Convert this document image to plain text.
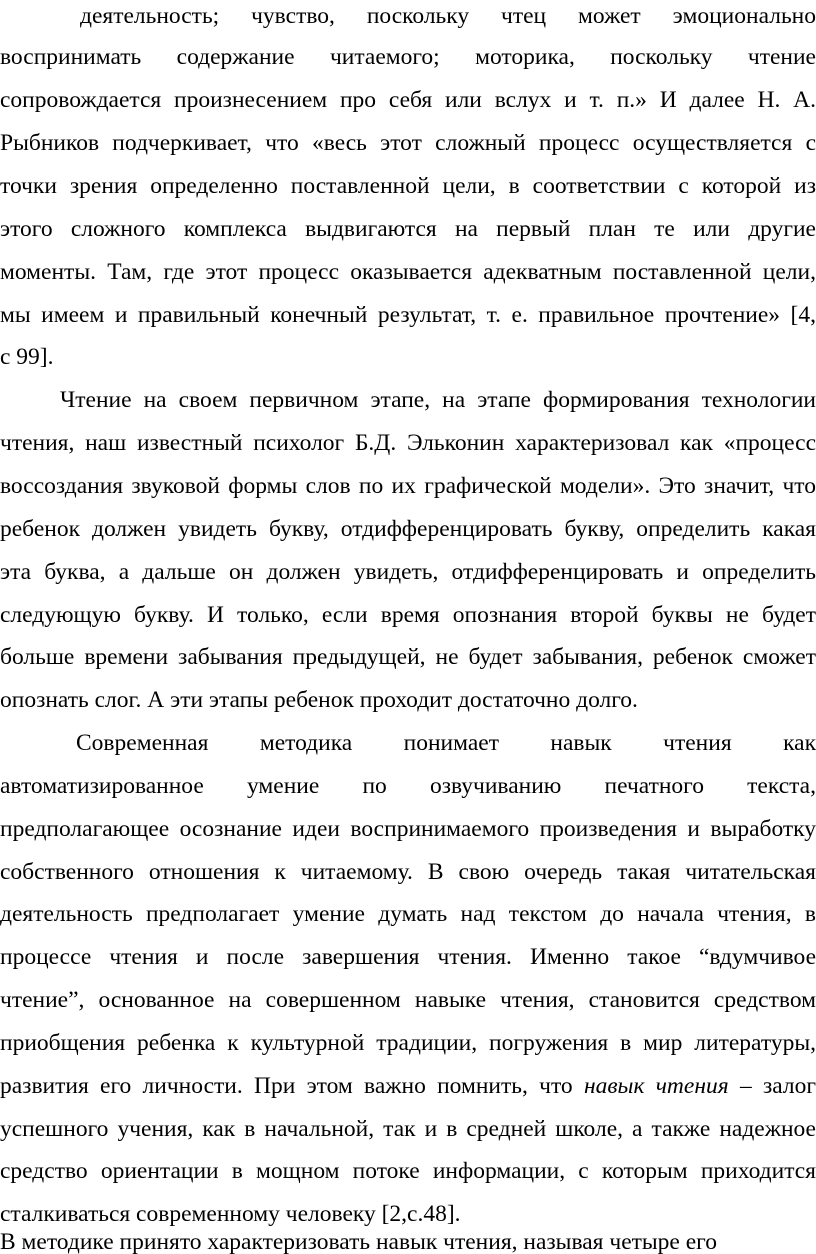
деятельность; чувство, поскольку чтец может эмоционально
воспринимать содержание читаемого; моторика, поскольку чтение
сопровождается произнесением про себя или вслух и т. п.» И далее Н. А.
Рыбников подчеркивает, что «весь этот сложный процесс осуществляется с
точки зрения определенно поставленной цели, в соответствии с которой из
этого сложного комплекса выдвигаются на первый план те или другие
моменты. Там, где этот процесс оказывается адекватным поставленной цели,
мы имеем и правильный конечный результат, т. е. правильное прочтение» [4,
с 99].
Чтение на своем первичном этапе, на этапе формирования технологии
чтения, наш известный психолог Б.Д. Эльконин характеризовал как «процесс
воссоздания звуковой формы слов по их графической модели». Это значит, что
ребенок должен увидеть букву, отдифференцировать букву, определить какая
эта буква, а дальше он должен увидеть, отдифференцировать и определить
следующую букву. И только, если время опознания второй буквы не будет
больше времени забывания предыдущей, не будет забывания, ребенок сможет
опознать слог. А эти этапы ребенок проходит достаточно долго.
Современная методика понимает навык чтения как
автоматизированное умение по озвучиванию печатного текста,
предполагающее осознание идеи воспринимаемого произведения и выработку
собственного отношения к читаемому. В свою очередь такая читательская
деятельность предполагает умение думать над текстом до начала чтения, в
процессе чтения и после завершения чтения. Именно такое “вдумчивое
чтение”, основанное на совершенном навыке чтения, становится средством
приобщения ребенка к культурной традиции, погружения в мир литературы,
развития его личности. При этом важно помнить, что навык чтения – залог
успешного учения, как в начальной, так и в средней школе, а также надежное
средство ориентации в мощном потоке информации, с которым приходится
сталкиваться современному человеку [2,с.48].
В методике принято характеризовать навык чтения, называя четыре его
